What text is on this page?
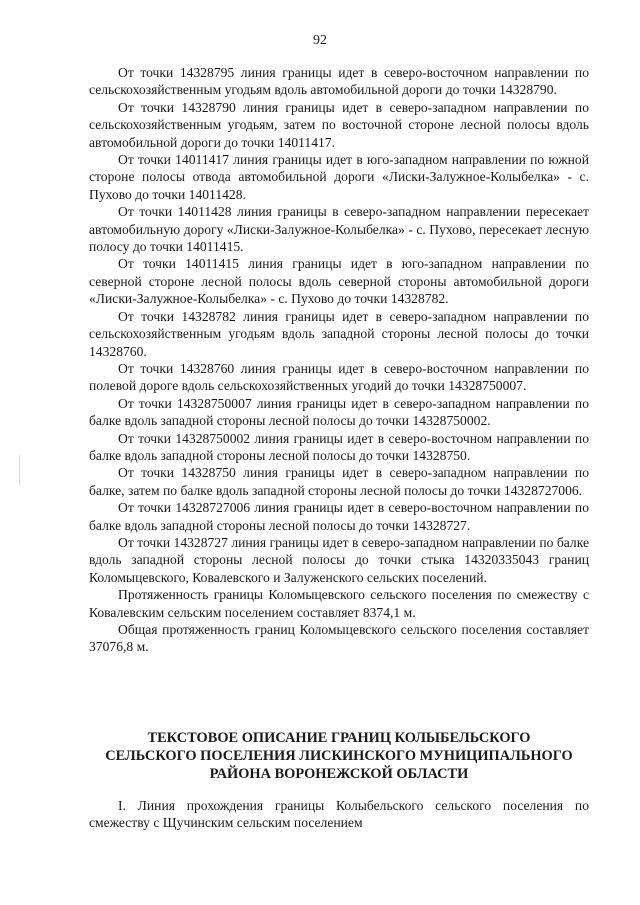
92

От точки 14328795 линия границы идет в северо-восточном направлении по сельскохозяйственным угодьям вдоль автомобильной дороги до точки 14328790.

От точки 14328790 линия границы идет в северо-западном направлении по сельскохозяйственным угодьям, затем по восточной стороне лесной полосы вдоль автомобильной дороги до точки 14011417.

От точки 14011417 линия границы идет в юго-западном направлении по южной стороне полосы отвода автомобильной дороги «Лиски-Залужное-Колыбелка» - с. Пухово до точки 14011428.

От точки 14011428 линия границы в северо-западном направлении пересекает автомобильную дорогу «Лиски-Залужное-Колыбелка» - с. Пухово, пересекает лесную полосу до точки 14011415.

От точки 14011415 линия границы идет в юго-западном направлении по северной стороне лесной полосы вдоль северной стороны автомобильной дороги «Лиски-Залужное-Колыбелка» - с. Пухово до точки 14328782.

От точки 14328782 линия границы идет в северо-западном направлении по сельскохозяйственным угодьям вдоль западной стороны лесной полосы до точки 14328760.

От точки 14328760 линия границы идет в северо-восточном направлении по полевой дороге вдоль сельскохозяйственных угодий до точки 14328750007.

От точки 14328750007 линия границы идет в северо-западном направлении по балке вдоль западной стороны лесной полосы до точки 14328750002.

От точки 14328750002 линия границы идет в северо-восточном направлении по балке вдоль западной стороны лесной полосы до точки 14328750.

От точки 14328750 линия границы идет в северо-западном направлении по балке, затем по балке вдоль западной стороны лесной полосы до точки 14328727006.

От точки 14328727006 линия границы идет в северо-восточном направлении по балке вдоль западной стороны лесной полосы до точки 14328727.

От точки 14328727 линия границы идет в северо-западном направлении по балке вдоль западной стороны лесной полосы до точки стыка 14320335043 границ Коломыцевского, Ковалевского и Залуженского сельских поселений.

Протяженность границы Коломыцевского сельского поселения по смежеству с Ковалевским сельским поселением составляет 8374,1 м.

Общая протяженность границ Коломыцевского сельского поселения составляет 37076,8 м.

ТЕКСТОВОЕ ОПИСАНИЕ ГРАНИЦ КОЛЫБЕЛЬСКОГО
СЕЛЬСКОГО ПОСЕЛЕНИЯ ЛИСКИНСКОГО МУНИЦИПАЛЬНОГО
РАЙОНА ВОРОНЕЖСКОЙ ОБЛАСТИ

I. Линия прохождения границы Колыбельского сельского поселения по смежеству с Щучинским сельским поселением
